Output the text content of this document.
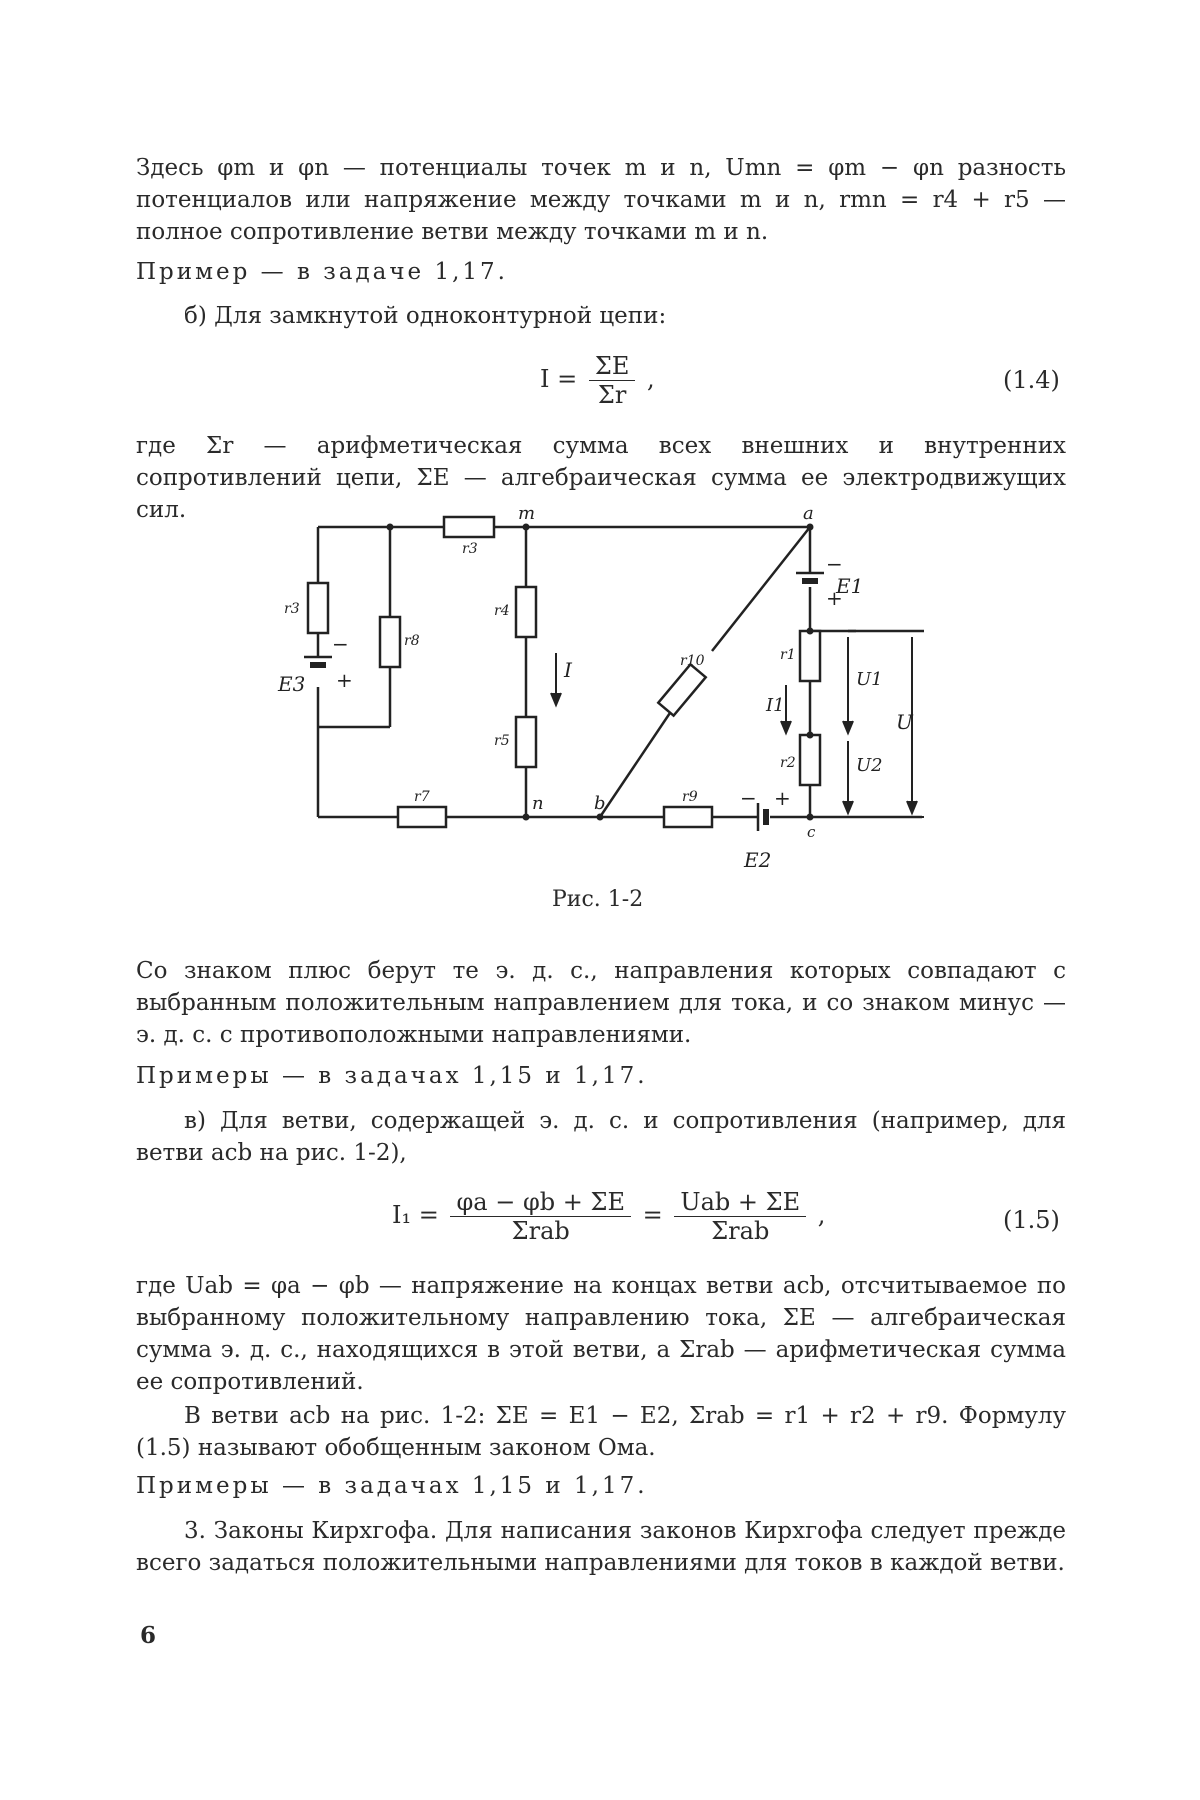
Здесь φm и φn — потенциалы точек m и n, Umn = φm − φn разность потенциалов или напряжение между точками m и n, rmn = r4 + r5 — полное сопротивление ветви между точками m и n.

Пример — в задаче 1,17.

б) Для замкнутой одноконтурной цепи:

$I = \frac{\Sigma E}{\Sigma r}$ ,	(1.4)

где Σr — арифметическая сумма всех внешних и внутренних сопротивлений цепи, ΣE — алгебраическая сумма ее электродвижущих сил.	m	a
n	b
c
r3
r3
r8
r4
r5
r7	r9
r1
r2
r10
E3
−
+
E1
−
+
E2
− +
I
I1
U1
U2
U
Рис. 1-2

Со знаком плюс берут те э. д. с., направления которых совпадают с выбранным положительным направлением для тока, и со знаком минус — э. д. с. с противоположными направлениями.

Примеры — в задачах 1,15 и 1,17.

в) Для ветви, содержащей э. д. с. и сопротивления (например, для ветви acb на рис. 1-2),

$I_1 = \frac{\varphi a - \varphi b + \Sigma E}{\text{Σrab}} = \frac{\text{Uab + ΣE}}{\text{Σrab}}$ ,	(1.5)

где Uab = φa − φb — напряжение на концах ветви acb, отсчитываемое по выбранному положительному направлению тока, ΣE — алгебраическая сумма э. д. с., находящихся в этой ветви, а Σrab — арифметическая сумма ее сопротивлений.

В ветви acb на рис. 1-2: ΣE = E1 − E2, Σrab = r1 + r2 + r9. Формулу (1.5) называют обобщенным законом Ома.

Примеры — в задачах 1,15 и 1,17.

3. Законы Кирхгофа. Для написания законов Кирхгофа следует прежде всего задаться положительными направлениями для токов в каждой ветви.

6
